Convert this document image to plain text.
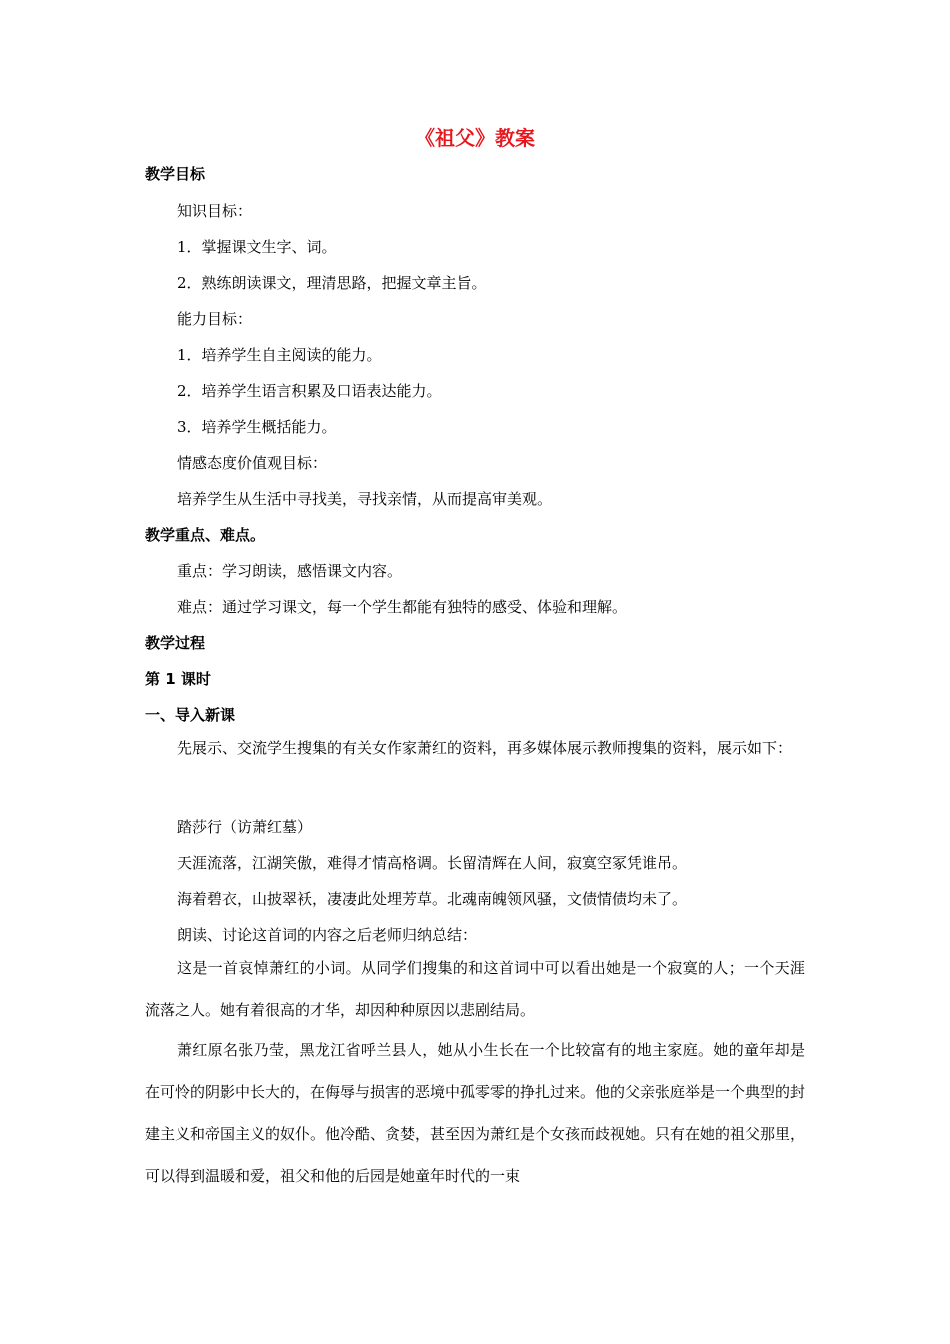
《祖父》教案
教学目标
知识目标：
1．掌握课文生字、词。
2．熟练朗读课文，理清思路，把握文章主旨。
能力目标：
1．培养学生自主阅读的能力。
2．培养学生语言积累及口语表达能力。
3．培养学生概括能力。
情感态度价值观目标：
培养学生从生活中寻找美，寻找亲情，从而提高审美观。
教学重点、难点。
重点：学习朗读，感悟课文内容。
难点：通过学习课文，每一个学生都能有独特的感受、体验和理解。
教学过程
第 1 课时
一、导入新课
先展示、交流学生搜集的有关女作家萧红的资料，再多媒体展示教师搜集的资料，展示如下：
踏莎行（访萧红墓）
天涯流落，江湖笑傲，难得才情高格调。长留清辉在人间，寂寞空冢凭谁吊。
海着碧衣，山披翠袄，凄凄此处埋芳草。北魂南魄领风骚，文债情债均未了。
朗读、讨论这首词的内容之后老师归纳总结：
这是一首哀悼萧红的小词。从同学们搜集的和这首词中可以看出她是一个寂寞的人；一个天涯流落之人。她有着很高的才华，却因种种原因以悲剧结局。
萧红原名张乃莹，黑龙江省呼兰县人，她从小生长在一个比较富有的地主家庭。她的童年却是在可怜的阴影中长大的，在侮辱与损害的恶境中孤零零的挣扎过来。他的父亲张庭举是一个典型的封建主义和帝国主义的奴仆。他冷酷、贪婪，甚至因为萧红是个女孩而歧视她。只有在她的祖父那里，可以得到温暖和爱，祖父和他的后园是她童年时代的一束
